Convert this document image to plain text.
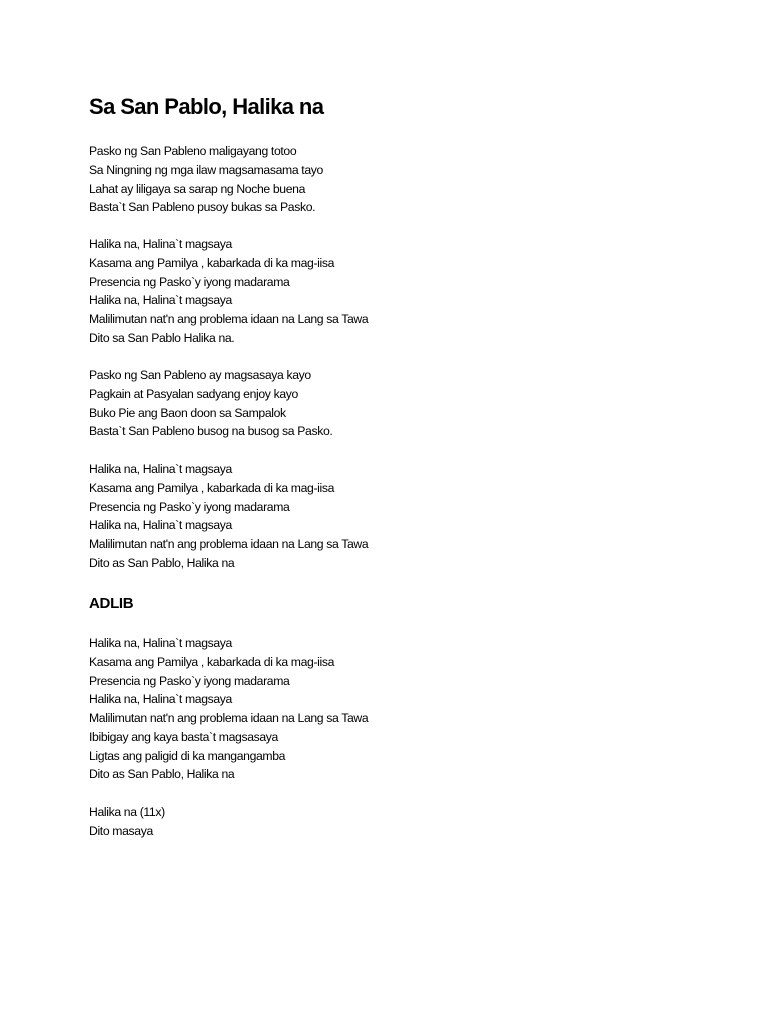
Sa San Pablo, Halika na
Pasko ng San Pableno maligayang totoo
Sa Ningning ng mga ilaw magsamasama tayo
Lahat ay liligaya sa sarap ng Noche buena
Basta`t San Pableno pusoy bukas sa Pasko.
Halika na, Halina`t magsaya
Kasama ang Pamilya , kabarkada di ka mag-iisa
Presencia ng Pasko`y iyong madarama
Halika na, Halina`t magsaya
Malilimutan nat'n ang problema idaan na Lang sa Tawa
Dito sa San Pablo Halika na.
Pasko ng San Pableno ay magsasaya kayo
Pagkain at Pasyalan sadyang enjoy kayo
Buko Pie ang Baon doon sa Sampalok
Basta`t San Pableno busog na busog sa Pasko.
Halika na, Halina`t magsaya
Kasama ang Pamilya , kabarkada di ka mag-iisa
Presencia ng Pasko`y iyong madarama
Halika na, Halina`t magsaya
Malilimutan nat'n ang problema idaan na Lang sa Tawa
Dito as San Pablo, Halika na
ADLIB
Halika na, Halina`t magsaya
Kasama ang Pamilya , kabarkada di ka mag-iisa
Presencia ng Pasko`y iyong madarama
Halika na, Halina`t magsaya
Malilimutan nat'n ang problema idaan na Lang sa Tawa
Ibibigay ang kaya basta`t magsasaya
Ligtas ang paligid di ka mangangamba
Dito as San Pablo, Halika na
Halika na (11x)
Dito masaya
